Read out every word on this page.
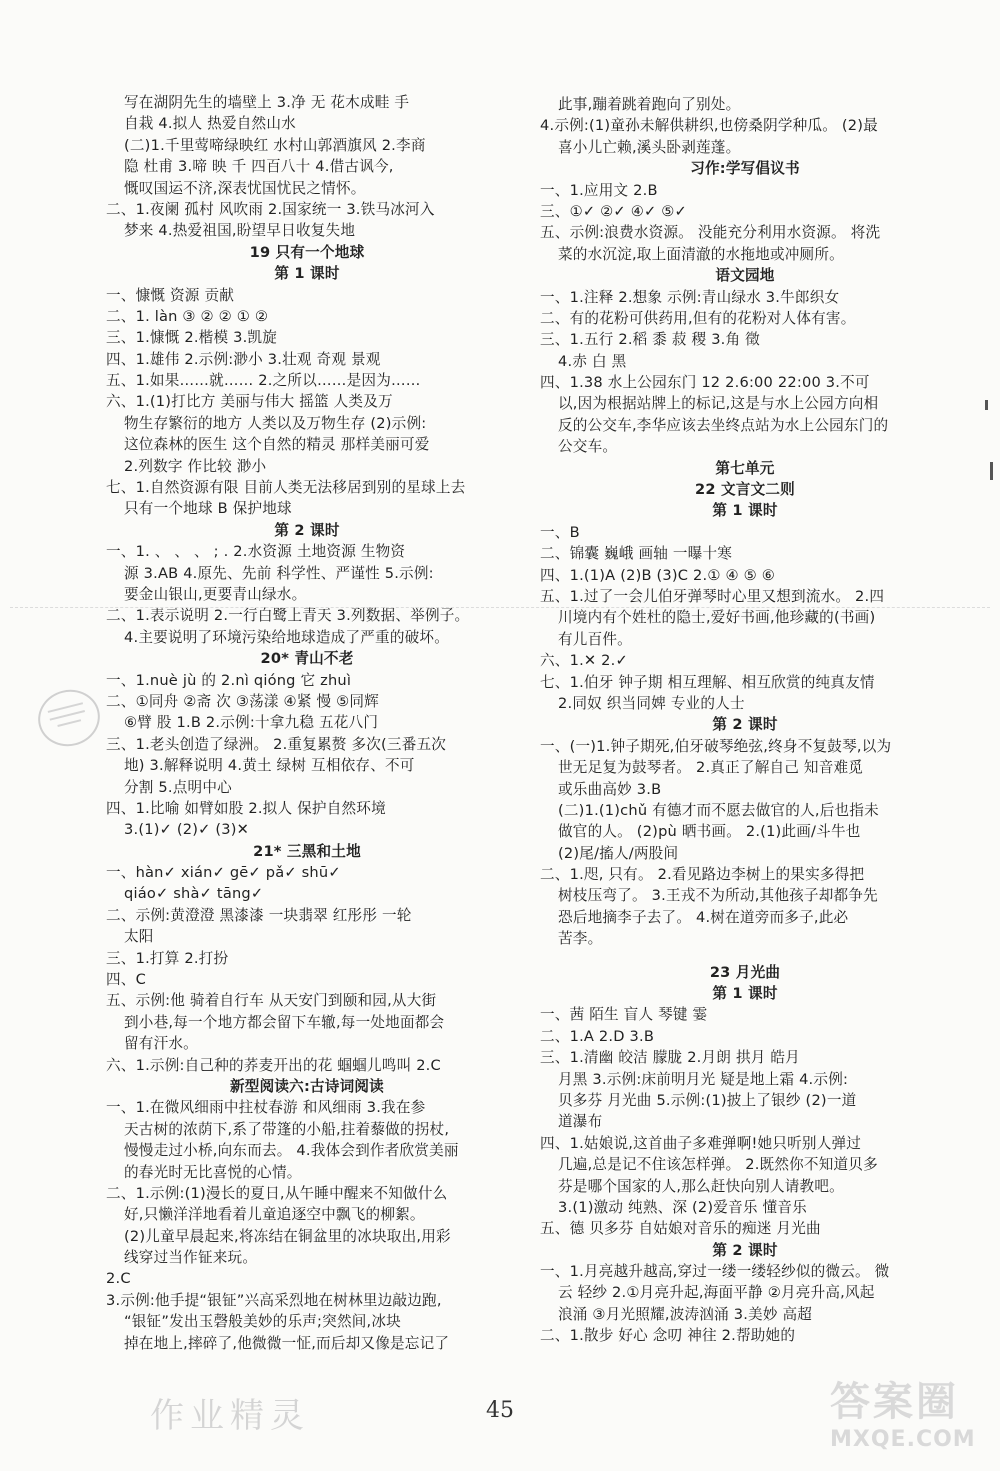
写在湖阴先生的墙壁上 3.净 无 花木成畦 手
自栽 4.拟人 热爱自然山水
(二)1.千里莺啼绿映红 水村山郭酒旗风 2.李商
隐 杜甫 3.啼 映 千 四百八十 4.借古讽今,
慨叹国运不济,深表忧国忧民之情怀。
二、1.夜阑 孤村 风吹雨 2.国家统一 3.铁马冰河入
梦来 4.热爱祖国,盼望早日收复失地
19 只有一个地球
第 1 课时
一、慷慨 资源 贡献
二、1. làn ③ ② ② ① ②
三、1.慷慨 2.楷模 3.凯旋
四、1.雄伟 2.示例:渺小 3.壮观 奇观 景观
五、1.如果……就…… 2.之所以……是因为……
六、1.(1)打比方 美丽与伟大 摇篮 人类及万
物生存繁衍的地方 人类以及万物生存 (2)示例:
这位森林的医生 这个自然的精灵 那样美丽可爱
2.列数字 作比较 渺小
七、1.自然资源有限 目前人类无法移居到别的星球上去
只有一个地球 B 保护地球
第 2 课时
一、1. 、 、 、 ; . 2.水资源 土地资源 生物资
源 3.AB 4.原先、先前 科学性、严谨性 5.示例:
要金山银山,更要青山绿水。
二、1.表示说明 2.一行白鹭上青天 3.列数据、举例子。
4.主要说明了环境污染给地球造成了严重的破坏。
20* 青山不老
一、1.nuè jù 的 2.nì qióng 它 zhuì
二、①同舟 ②斋 次 ③荡漾 ④紧 慢 ⑤同辉
⑥臂 股 1.B 2.示例:十拿九稳 五花八门
三、1.老头创造了绿洲。 2.重复累赘 多次(三番五次
地) 3.解释说明 4.黄土 绿树 互相依存、不可
分割 5.点明中心
四、1.比喻 如臂如股 2.拟人 保护自然环境
3.(1)✓ (2)✓ (3)✕
21* 三黑和土地
一、hàn✓ xián✓ gē✓ pǎ✓ shū✓
qiáo✓ shà✓ tāng✓
二、示例:黄澄澄 黑漆漆 一块翡翠 红彤彤 一轮
太阳
三、1.打算 2.打扮
四、C
五、示例:他 骑着自行车 从天安门到颐和园,从大街
到小巷,每一个地方都会留下车辙,每一处地面都会
留有汗水。
六、1.示例:自己种的荞麦开出的花 蝈蝈儿鸣叫 2.C
新型阅读六:古诗词阅读
一、1.在微风细雨中拄杖春游 和风细雨 3.我在参
天古树的浓荫下,系了带篷的小船,拄着藜做的拐杖,
慢慢走过小桥,向东而去。 4.我体会到作者欣赏美丽
的春光时无比喜悦的心情。
二、1.示例:(1)漫长的夏日,从午睡中醒来不知做什么
好,只懒洋洋地看着儿童追逐空中飘飞的柳絮。
(2)儿童早晨起来,将冻结在铜盆里的冰块取出,用彩
线穿过当作钲来玩。
2.C
3.示例:他手提“银钲”兴高采烈地在树林里边敲边跑,
“银钲”发出玉磬般美妙的乐声;突然间,冰块
掉在地上,摔碎了,他微微一怔,而后却又像是忘记了
此事,蹦着跳着跑向了别处。
4.示例:(1)童孙未解供耕织,也傍桑阴学种瓜。 (2)最
喜小儿亡赖,溪头卧剥莲蓬。
习作:学写倡议书
一、1.应用文 2.B
三、①✓ ②✓ ④✓ ⑤✓
五、示例:浪费水资源。 没能充分利用水资源。 将洗
菜的水沉淀,取上面清澈的水拖地或冲厕所。
语文园地
一、1.注释 2.想象 示例:青山绿水 3.牛郎织女
二、有的花粉可供药用,但有的花粉对人体有害。
三、1.五行 2.稻 黍 菽 稷 3.角 徵
4.赤 白 黑
四、1.38 水上公园东门 12 2.6:00 22:00 3.不可
以,因为根据站牌上的标记,这是与水上公园方向相
反的公交车,李华应该去坐终点站为水上公园东门的
公交车。
第七单元
22 文言文二则
第 1 课时
一、B
二、锦囊 巍峨 画轴 一曝十寒
四、1.(1)A (2)B (3)C 2.① ④ ⑤ ⑥
五、1.过了一会儿伯牙弹琴时心里又想到流水。 2.四
川境内有个姓杜的隐士,爱好书画,他珍藏的(书画)
有儿百件。
六、1.✕ 2.✓
七、1.伯牙 钟子期 相互理解、相互欣赏的纯真友情
2.同奴 织当同婢 专业的人士
第 2 课时
一、(一)1.钟子期死,伯牙破琴绝弦,终身不复鼓琴,以为
世无足复为鼓琴者。 2.真正了解自己 知音难觅
或乐曲高妙 3.B
(二)1.(1)chǔ 有德才而不愿去做官的人,后也指未
做官的人。 (2)pù 晒书画。 2.(1)此画/斗牛也
(2)尾/搐人/两股间
二、1.咫, 只有。 2.看见路边李树上的果实多得把
树枝压弯了。 3.王戎不为所动,其他孩子却都争先
恐后地摘李子去了。 4.树在道旁而多子,此必
苦李。
23 月光曲
第 1 课时
一、茜 陌生 盲人 琴键 霎
二、1.A 2.D 3.B
三、1.清幽 皎洁 朦胧 2.月朗 拱月 皓月
月黑 3.示例:床前明月光 疑是地上霜 4.示例:
贝多芬 月光曲 5.示例:(1)披上了银纱 (2)一道
道瀑布
四、1.姑娘说,这首曲子多难弹啊!她只听别人弹过
几遍,总是记不住该怎样弹。 2.既然你不知道贝多
芬是哪个国家的人,那么赶快向别人请教吧。
3.(1)激动 纯熟、深 (2)爱音乐 懂音乐
五、德 贝多芬 自姑娘对音乐的痴迷 月光曲
第 2 课时
一、1.月亮越升越高,穿过一缕一缕轻纱似的微云。 微
云 轻纱 2.①月亮升起,海面平静 ②月亮升高,风起
浪涌 ③月光照耀,波涛汹涌 3.美妙 高超
二、1.散步 好心 念叨 神往 2.帮助她的
45
作业精灵	答案圈
MXQE.COM
